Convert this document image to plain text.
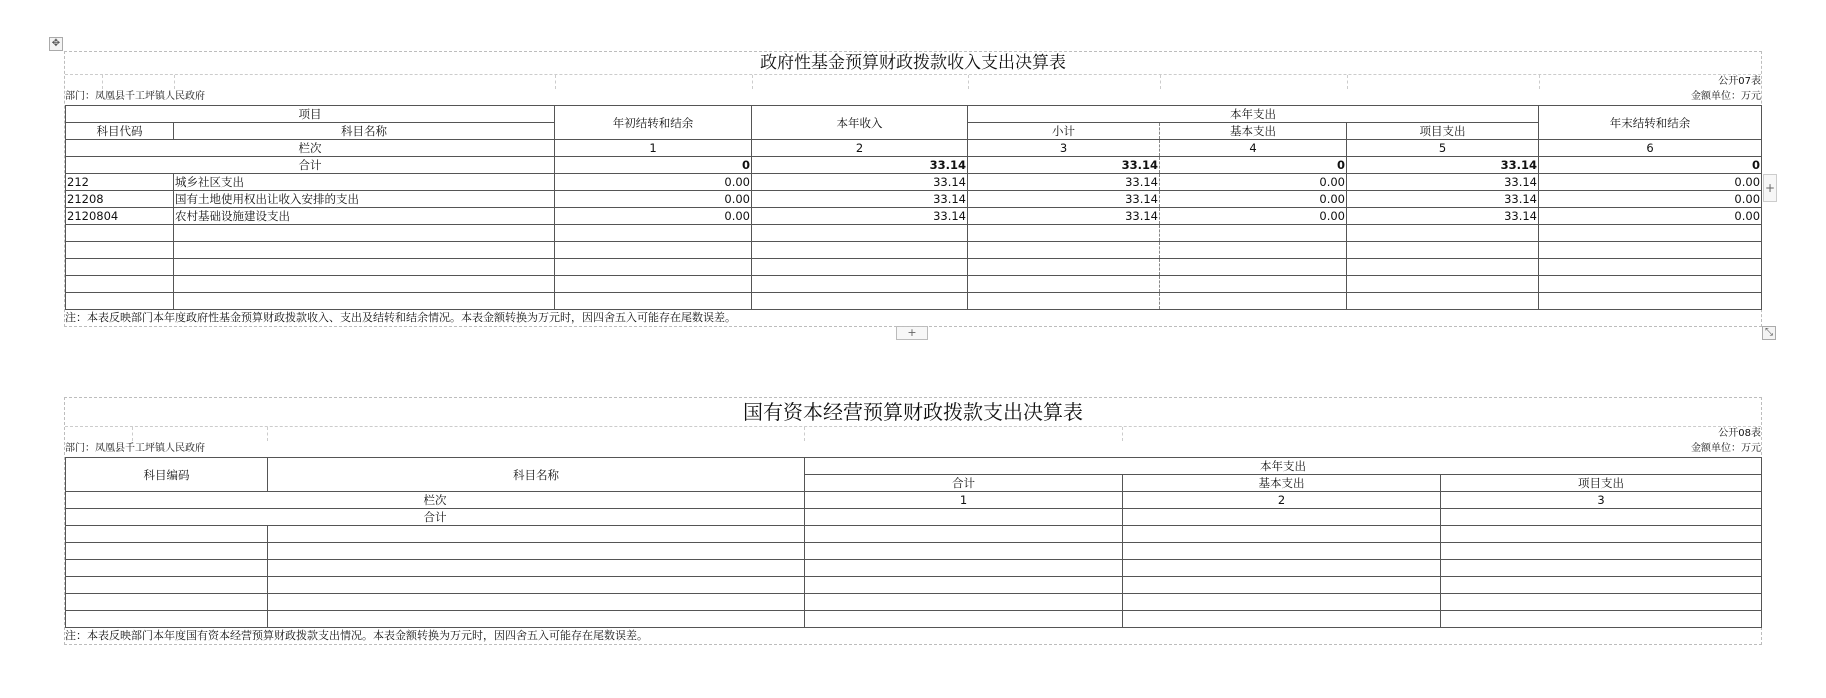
✥
+
+	⤡
政府性基金预算财政拨款收入支出决算表
公开07表
部门：凤凰县千工坪镇人民政府	金额单位：万元
项目		年初结转和结余	本年收入	本年支出			年末结转和结余
科目代码	科目名称			小计	基本支出	项目支出	
栏次		1	2	3	4	5	6
合计		0	33.14	33.14	0	33.14	0
212	城乡社区支出	0.00	33.14	33.14	0.00	33.14	0.00
21208	国有土地使用权出让收入安排的支出	0.00	33.14	33.14	0.00	33.14	0.00
2120804	农村基础设施建设支出	0.00	33.14	33.14	0.00	33.14	0.00

注：本表反映部门本年度政府性基金预算财政拨款收入、支出及结转和结余情况。本表金额转换为万元时，因四舍五入可能存在尾数误差。
国有资本经营预算财政拨款支出决算表
公开08表
部门：凤凰县千工坪镇人民政府	金额单位：万元
科目编码	科目名称	本年支出		
		合计	基本支出	项目支出
栏次		1	2	3
合计				

注：本表反映部门本年度国有资本经营预算财政拨款支出情况。本表金额转换为万元时，因四舍五入可能存在尾数误差。
